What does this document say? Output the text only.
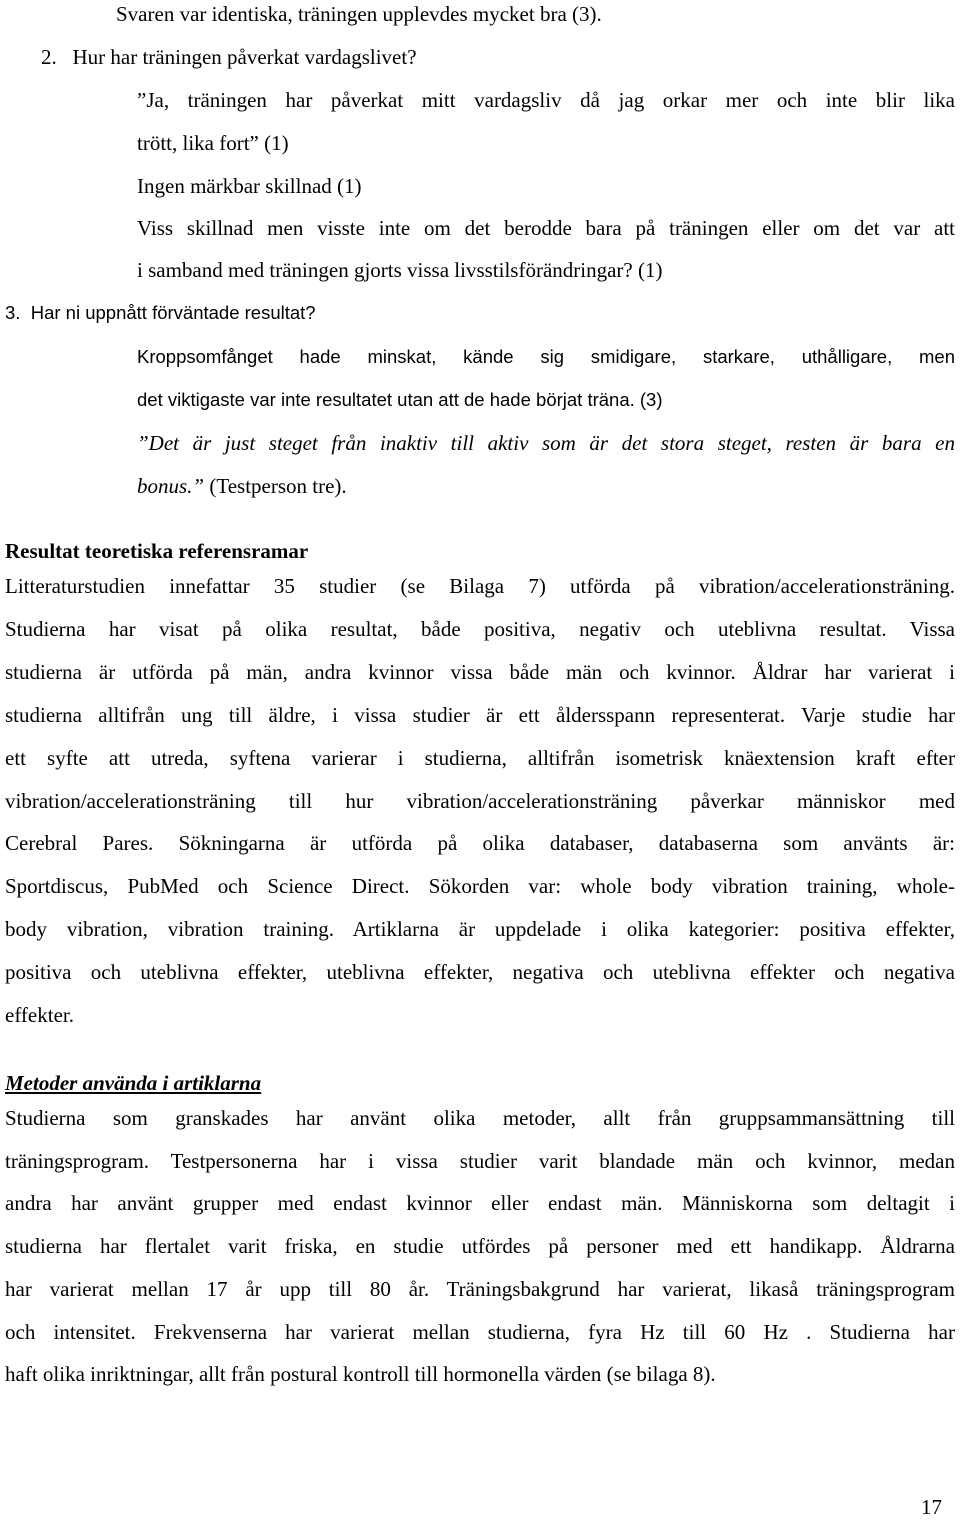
Svaren var identiska, träningen upplevdes mycket bra (3).
2. Hur har träningen påverkat vardagslivet?
”Ja, träningen har påverkat mitt vardagsliv då jag orkar mer och inte blir lika
trött, lika fort” (1)
Ingen märkbar skillnad (1)
Viss skillnad men visste inte om det berodde bara på träningen eller om det var att
i samband med träningen gjorts vissa livsstilsförändringar? (1)
3. Har ni uppnått förväntade resultat?
Kroppsomfånget hade minskat, kände sig smidigare, starkare, uthålligare, men
det viktigaste var inte resultatet utan att de hade börjat träna. (3)
”Det är just steget från inaktiv till aktiv som är det stora steget, resten är bara en
bonus.” (Testperson tre).
Resultat teoretiska referensramar
Litteraturstudien innefattar 35 studier (se Bilaga 7) utförda på vibration/accelerationsträning.
Studierna har visat på olika resultat, både positiva, negativ och uteblivna resultat. Vissa
studierna är utförda på män, andra kvinnor vissa både män och kvinnor. Åldrar har varierat i
studierna alltifrån ung till äldre, i vissa studier är ett åldersspann representerat. Varje studie har
ett syfte att utreda, syftena varierar i studierna, alltifrån isometrisk knäextension kraft efter
vibration/accelerationsträning till hur vibration/accelerationsträning påverkar människor med
Cerebral Pares. Sökningarna är utförda på olika databaser, databaserna som använts är:
Sportdiscus, PubMed och Science Direct. Sökorden var: whole body vibration training, whole-
body vibration, vibration training. Artiklarna är uppdelade i olika kategorier: positiva effekter,
positiva och uteblivna effekter, uteblivna effekter, negativa och uteblivna effekter och negativa
effekter.
Metoder använda i artiklarna
Studierna som granskades har använt olika metoder, allt från gruppsammansättning till
träningsprogram. Testpersonerna har i vissa studier varit blandade män och kvinnor, medan
andra har använt grupper med endast kvinnor eller endast män. Människorna som deltagit i
studierna har flertalet varit friska, en studie utfördes på personer med ett handikapp. Åldrarna
har varierat mellan 17 år upp till 80 år. Träningsbakgrund har varierat, likaså träningsprogram
och intensitet. Frekvenserna har varierat mellan studierna, fyra Hz till 60 Hz . Studierna har
haft olika inriktningar, allt från postural kontroll till hormonella värden (se bilaga 8).
17
